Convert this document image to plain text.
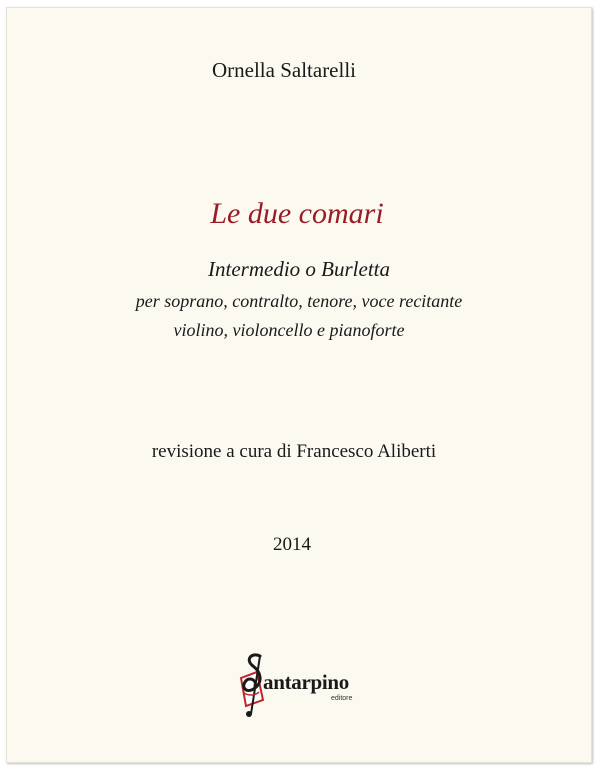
Ornella Saltarelli
Le due comari
Intermedio o Burletta
per soprano, contralto, tenore, voce recitante
violino, violoncello e pianoforte
revisione a cura di Francesco Aliberti
2014
antarpino
editore
